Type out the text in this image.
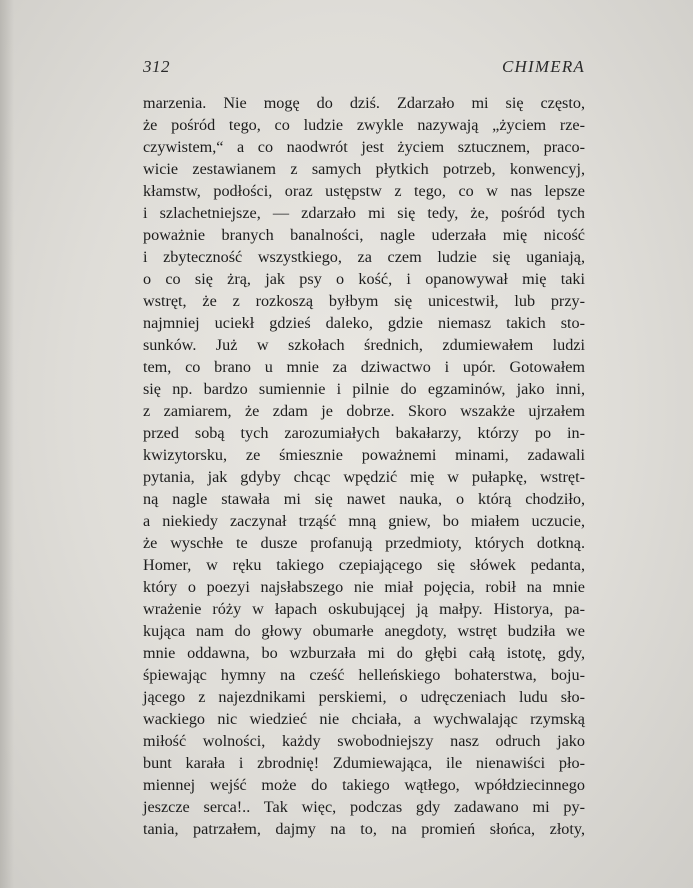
312	CHIMERA
marzenia. Nie mogę do dziś. Zdarzało mi się często,
że pośród tego, co ludzie zwykle nazywają „życiem rze-
czywistem,“ a co naodwrót jest życiem sztucznem, praco-
wicie zestawianem z samych płytkich potrzeb, konwencyj,
kłamstw, podłości, oraz ustępstw z tego, co w nas lepsze
i szlachetniejsze, — zdarzało mi się tedy, że, pośród tych
poważnie branych banalności, nagle uderzała mię nicość
i zbyteczność wszystkiego, za czem ludzie się uganiają,
o co się żrą, jak psy o kość, i opanowywał mię taki
wstręt, że z rozkoszą byłbym się unicestwił, lub przy-
najmniej uciekł gdzieś daleko, gdzie niemasz takich sto-
sunków. Już w szkołach średnich, zdumiewałem ludzi
tem, co brano u mnie za dziwactwo i upór. Gotowałem
się np. bardzo sumiennie i pilnie do egzaminów, jako inni,
z zamiarem, że zdam je dobrze. Skoro wszakże ujrzałem
przed sobą tych zarozumiałych bakałarzy, którzy po in-
kwizytorsku, ze śmiesznie poważnemi minami, zadawali
pytania, jak gdyby chcąc wpędzić mię w pułapkę, wstręt-
ną nagle stawała mi się nawet nauka, o którą chodziło,
a niekiedy zaczynał trząść mną gniew, bo miałem uczucie,
że wyschłe te dusze profanują przedmioty, których dotkną.
Homer, w ręku takiego czepiającego się słówek pedanta,
który o poezyi najsłabszego nie miał pojęcia, robił na mnie
wrażenie róży w łapach oskubującej ją małpy. Historya, pa-
kująca nam do głowy obumarłe anegdoty, wstręt budziła we
mnie oddawna, bo wzburzała mi do głębi całą istotę, gdy,
śpiewając hymny na cześć helleńskiego bohaterstwa, boju-
jącego z najezdnikami perskiemi, o udręczeniach ludu sło-
wackiego nic wiedzieć nie chciała, a wychwalając rzymską
miłość wolności, każdy swobodniejszy nasz odruch jako
bunt karała i zbrodnię! Zdumiewająca, ile nienawiści pło-
miennej wejść może do takiego wątłego, wpółdziecinnego
jeszcze serca!.. Tak więc, podczas gdy zadawano mi py-
tania, patrzałem, dajmy na to, na promień słońca, złoty,
